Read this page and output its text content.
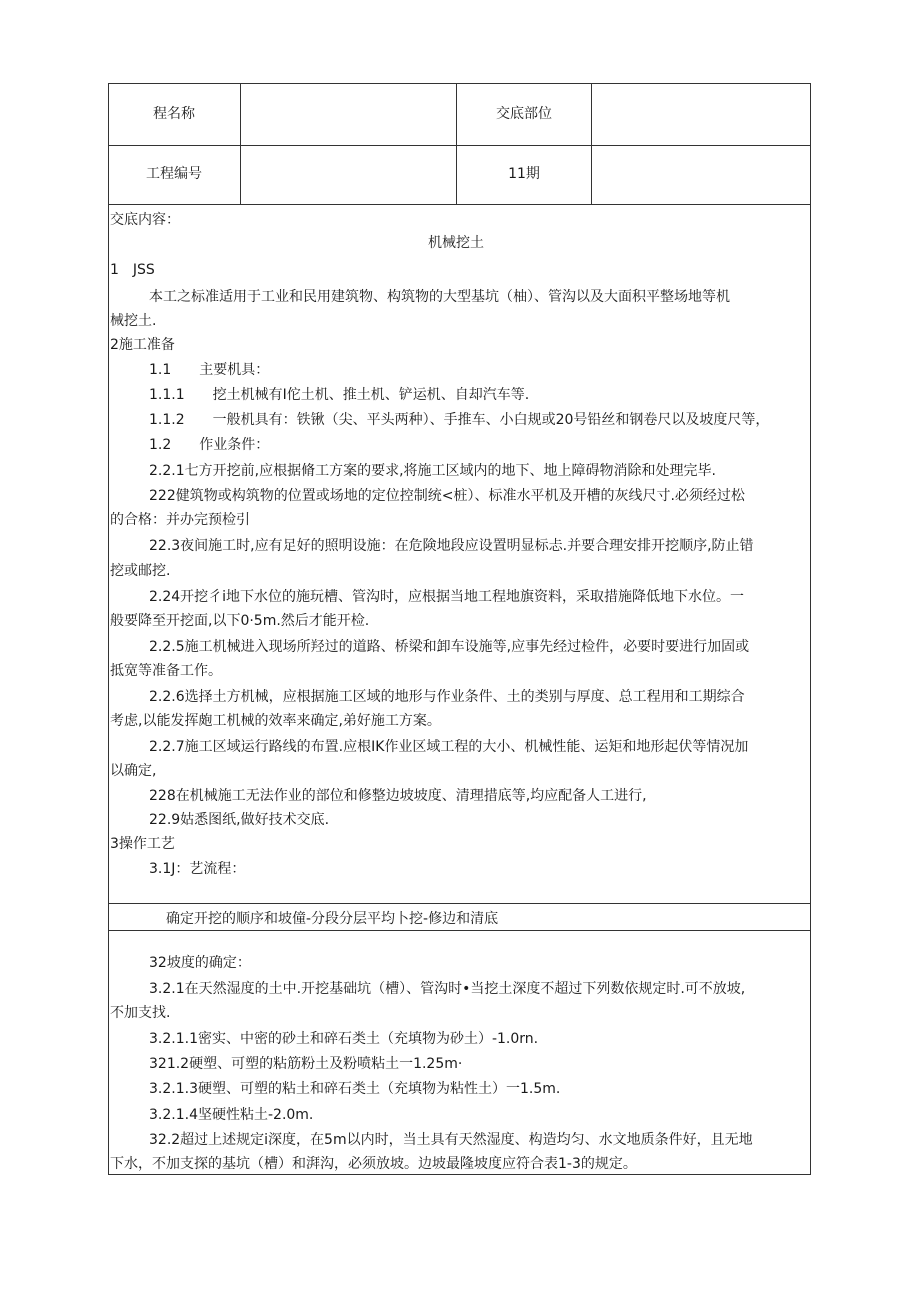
程名称	交底部位
工程编号	11期
交底内容：
机械挖土
1　JSS
本工之标准适用于工业和民用建筑物、构筑物的大型基坑（柚）、管沟以及大面积平整场地等机
械挖土.
2施工准备
1.1　　主要机具：
1.1.1　　挖土机械有I佗土机、推土机、铲运机、自却汽车等.
1.1.2　　一般机具有：铁锹（尖、平头两种）、手推车、小白规或20号铅丝和钢卷尺以及坡度尺等，
1.2　　作业条件：
2.2.1七方开挖前,应根据脩工方案的要求,将施工区域内的地下、地上障碍物消除和处理完毕.
222健筑物或构筑物的位置或场地的定位控制统<桩）、标准水平机及开槽的灰线尺寸.必须经过松
的合格：并办完预检引
22.3夜间施工时,应有足好的照明设施：在危険地段应设置明显标忐.并要合理安排开挖顺序,防止错
挖或邮挖.
2.24开挖彳i地下水位的施玩槽、管沟时，应根据当地工程地旗资料，采取措施降低地下水位。一
般要降至开挖面,以下0·5m.然后才能开检.
2.2.5施工机械进入现场所羟过的道路、桥梁和卸车设施等,应事先经过检件，必要时要进行加固或
抵宽等准备工作。
2.2.6选择土方机械，应根据施工区域的地形与作业条件、土的类别与厚度、总工程用和工期综合
考虑,以能发挥皰工机械的效率来确定,弟好施工方案。
2.2.7施工区域运行路线的布置.应根IK作业区域工程的大小、机械性能、运矩和地形起伏等情况加
以确定,
228在机械施工无法作业的部位和修整边坡坡度、清理措底等,均应配备人工进行,
22.9姑悉图纸,做好技术交底.
3操作工艺
3.1J：艺流程：
确定开挖的顺序和坡僮-分段分层平均卜挖-修边和清底
32坡度的确定：
3.2.1在天然湿度的土中.开挖基础坑（槽）、管沟时•当挖土深度不超过下列数依规定时.可不放坡,
不加支找.
3.2.1.1密实、中密的砂土和碎石类土（充填物为砂土）-1.0rn.
321.2硬塑、可塑的粘筋粉土及粉喷粘土一1.25m·
3.2.1.3硬塑、可塑的粘土和碎石类土（充填物为粘性土）一1.5m.
3.2.1.4坚硬性粘土-2.0m.
32.2超过上述规定i深度，在5m以内时，当土具有天然湿度、构造均匀、水文地质条件好，且无地
下水，不加支探的基坑（槽）和湃沟，必须放坡。边坡最隆坡度应符合表1-3的规定。
